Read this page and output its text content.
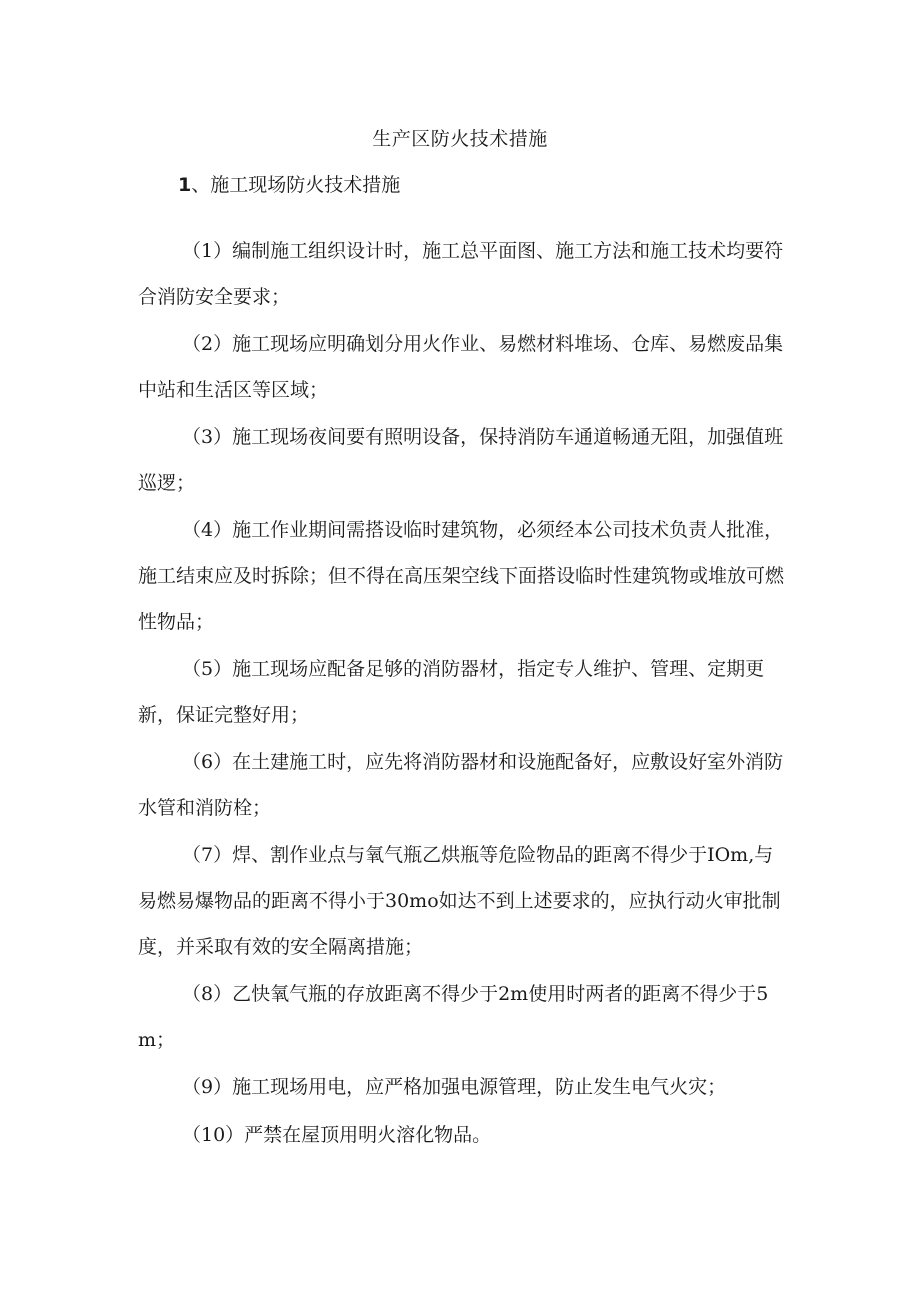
生产区防火技术措施
1、施工现场防火技术措施

（1）编制施工组织设计时，施工总平面图、施工方法和施工技术均要符合消防安全要求；

（2）施工现场应明确划分用火作业、易燃材料堆场、仓库、易燃废品集中站和生活区等区域；

（3）施工现场夜间要有照明设备，保持消防车通道畅通无阻，加强值班巡逻；

（4）施工作业期间需搭设临时建筑物，必须经本公司技术负责人批准，施工结束应及时拆除；但不得在高压架空线下面搭设临时性建筑物或堆放可燃性物品；

（5）施工现场应配备足够的消防器材，指定专人维护、管理、定期更新，保证完整好用；

（6）在土建施工时，应先将消防器材和设施配备好，应敷设好室外消防水管和消防栓；

（7）焊、割作业点与氧气瓶乙烘瓶等危险物品的距离不得少于IOm,与易燃易爆物品的距离不得小于30mo如达不到上述要求的，应执行动火审批制度，并采取有效的安全隔离措施；

（8）乙快氧气瓶的存放距离不得少于2m使用时两者的距离不得少于5m；

（9）施工现场用电，应严格加强电源管理，防止发生电气火灾；

（10）严禁在屋顶用明火溶化物品。
